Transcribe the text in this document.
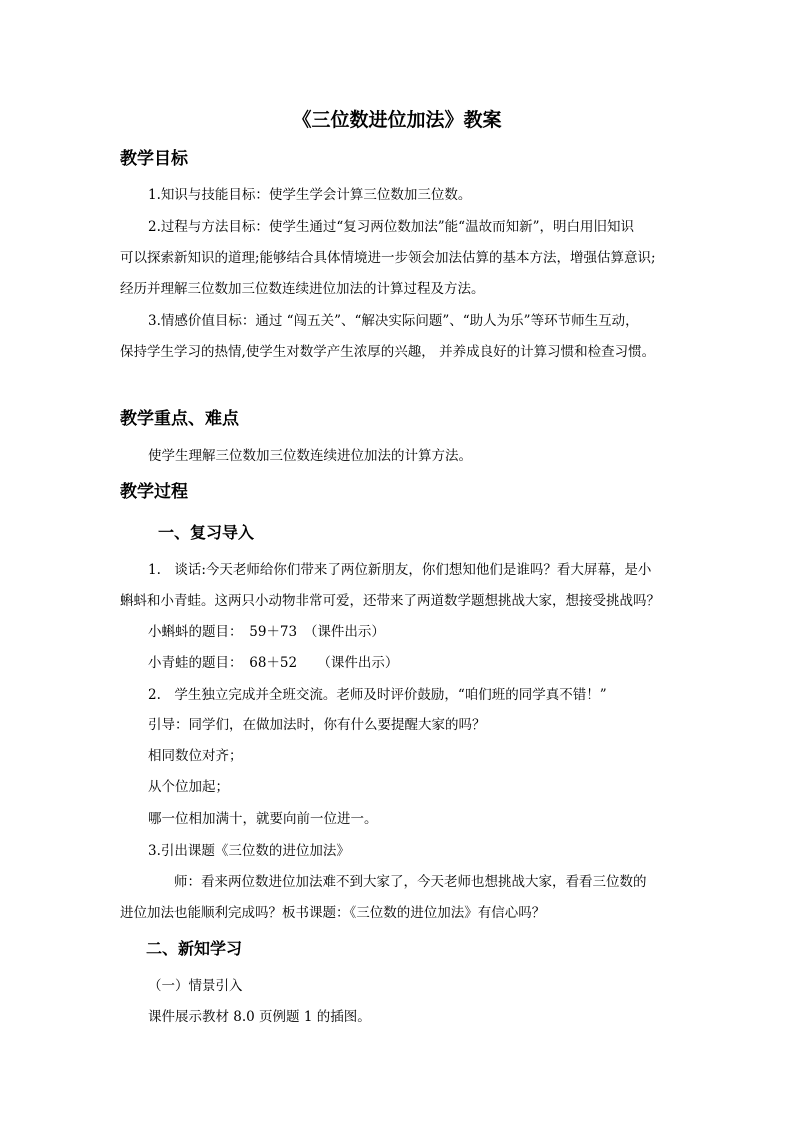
《三位数进位加法》教案
教学目标
1.知识与技能目标：使学生学会计算三位数加三位数。
2.过程与方法目标：使学生通过“复习两位数加法”能“温故而知新”，明白用旧知识
可以探索新知识的道理;能够结合具体情境进一步领会加法估算的基本方法，增强估算意识;
经历并理解三位数加三位数连续进位加法的计算过程及方法。
3.情感价值目标：通过 “闯五关”、“解决实际问题”、“助人为乐”等环节师生互动，
保持学生学习的热情,使学生对数学产生浓厚的兴趣， 并养成良好的计算习惯和检查习惯。
教学重点、难点
使学生理解三位数加三位数连续进位加法的计算方法。
教学过程
一、复习导入
1.　谈话:今天老师给你们带来了两位新朋友，你们想知他们是谁吗？看大屏幕，是小
蝌蚪和小青蛙。这两只小动物非常可爱，还带来了两道数学题想挑战大家，想接受挑战吗？
小蝌蚪的题目：　59＋73　（课件出示）
小青蛙的题目：　68＋52　　（课件出示）
2.　学生独立完成并全班交流。老师及时评价鼓励，“咱们班的同学真不错！”
引导：同学们，在做加法时，你有什么要提醒大家的吗？
相同数位对齐；
从个位加起；
哪一位相加满十，就要向前一位进一。
3.引出课题《三位数的进位加法》
师：看来两位数进位加法难不到大家了，今天老师也想挑战大家，看看三位数的
进位加法也能顺利完成吗？板书课题：《三位数的进位加法》有信心吗？
二、新知学习
（一）情景引入
课件展示教材 8.0 页例题 1 的插图。
